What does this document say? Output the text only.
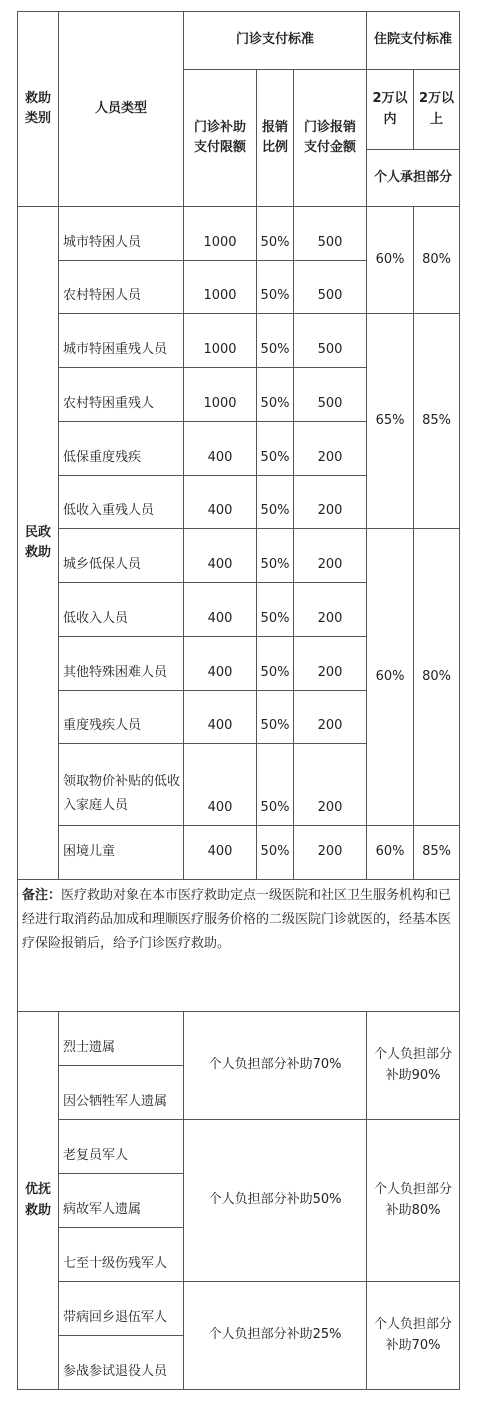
救助类别	人员类型	门诊支付标准			住院支付标准	
		门诊补助支付限额	报销比例	门诊报销支付金额	2万以内	2万以上
					个人承担部分	
民政救助	城市特困人员	1000	50%	500	60%	80%
	农村特困人员	1000	50%	500		
	城市特困重残人员	1000	50%	500	65%	85%
	农村特困重残人	1000	50%	500		
	低保重度残疾	400	50%	200		
	低收入重残人员	400	50%	200		
	城乡低保人员	400	50%	200	60%	80%
	低收入人员	400	50%	200		
	其他特殊困难人员	400	50%	200		
	重度残疾人员	400	50%	200		
	领取物价补贴的低收入家庭人员	400	50%	200		
	困境儿童	400	50%	200	60%	85%
备注：医疗救助对象在本市医疗救助定点一级医院和社区卫生服务机构和已经进行取消药品加成和理顺医疗服务价格的二级医院门诊就医的，经基本医疗保险报销后，给予门诊医疗救助。						
优抚救助	烈士遗属	个人负担部分补助70%			个人负担部分补助90%	
	因公牺牲军人遗属					
	老复员军人	个人负担部分补助50%			个人负担部分补助80%	
	病故军人遗属					
	七至十级伤残军人					
	带病回乡退伍军人	个人负担部分补助25%			个人负担部分补助70%	
	参战参试退役人员					
